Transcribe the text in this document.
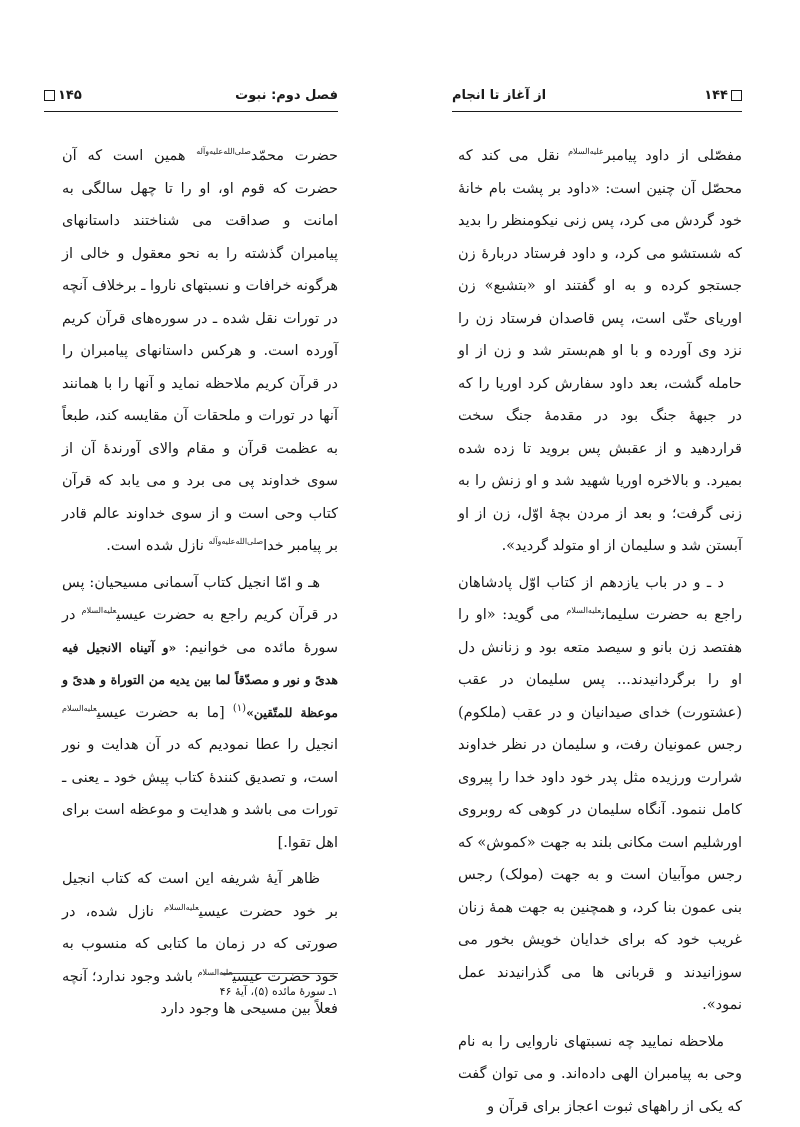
فصل دوم: نبوت
۱۴۵

حضرت محمّد$^{صلی‌الله‌علیه‌وآله}$ همین است که آن حضرت که قوم او، او را تا چهل سالگی به امانت و صداقت می شناختند داستانهای پیامبران گذشته را به نحو معقول و خالی از هرگونه خرافات و نسبتهای ناروا ـ برخلاف آنچه در تورات نقل شده ـ در سوره‌های قرآن کریم آورده است. و هرکس داستانهای پیامبران را در قرآن کریم ملاحظه نماید و آنها را با همانند آنها در تورات و ملحقات آن مقایسه کند، طبعاً به عظمت قرآن و مقام والای آورندهٔ آن از سوی خداوند پی می برد و می یابد که قرآن کتاب وحی است و از سوی خداوند عالم قادر بر پیامبر خدا$^{صلی‌الله‌علیه‌وآله}$ نازل شده است.

هـ و امّا انجیل کتاب آسمانی مسیحیان: پس در قرآن کریم راجع به حضرت عیسی$^{علیه‌السلام}$ در سورهٔ مائده می خوانیم: «و آتیناه الانجیل فیه هدیً و نور و مصدّقاً لما بین یدیه من التوراة و هدیً و موعظة للمتّقین»$^{(۱)}$ [ما به حضرت عیسی$^{علیه‌السلام}$ انجیل را عطا نمودیم که در آن هدایت و نور است، و تصدیق کنندهٔ کتاب پیش خود ـ یعنی ـ تورات می باشد و هدایت و موعظه است برای اهل تقوا.]

ظاهر آیهٔ شریفه این است که کتاب انجیل بر خود حضرت عیسی$^{علیه‌السلام}$ نازل شده، در صورتی که در زمان ما کتابی که منسوب به خود حضرت عیسی$^{علیه‌السلام}$ باشد وجود ندارد؛ آنچه فعلاً بین مسیحی ها وجود دارد

۱ـ سورهٔ مائده (۵)، آیهٔ ۴۶
۱۴۴
از آغاز تا انجام

مفصّلی از داود پیامبر$^{علیه‌السلام}$ نقل می کند که محصّل آن چنین است: «داود بر پشت بام خانهٔ خود گردش می کرد، پس زنی نیکومنظر را بدید که شستشو می کرد، و داود فرستاد دربارهٔ زن جستجو کرده و به او گفتند او «بتشبع» زن اوریای حتّی است، پس قاصدان فرستاد زن را نزد وی آورده و با او هم‌بستر شد و زن از او حامله گشت، بعد داود سفارش کرد اوریا را که در جبههٔ جنگ بود در مقدمهٔ جنگ سخت قراردهید و از عقبش پس بروید تا زده شده بمیرد. و بالاخره اوریا شهید شد و او زنش را به زنی گرفت؛ و بعد از مردن بچهٔ اوّل، زن از او آبستن شد و سلیمان از او متولد گردید».

د ـ و در باب یازدهم از کتاب اوّل پادشاهان راجع به حضرت سلیمان$^{علیه‌السلام}$ می گوید: «او را هفتصد زن بانو و سیصد متعه بود و زنانش دل او را برگردانیدند... پس سلیمان در عقب (عشتورت) خدای صیدانیان و در عقب (ملکوم) رجس عمونیان رفت، و سلیمان در نظر خداوند شرارت ورزیده مثل پدر خود داود خدا را پیروی کامل ننمود. آنگاه سلیمان در کوهی که روبروی اورشلیم است مکانی بلند به جهت «کموش» که رجس موآبیان است و به جهت (مولک) رجس بنی عمون بنا کرد، و همچنین به جهت همهٔ زنان غریب خود که برای خدایان خویش بخور می سوزانیدند و قربانی ها می گذرانیدند عمل نمود».

ملاحظه نمایید چه نسبتهای ناروایی را به نام وحی به پیامبران الهی داده‌اند. و می توان گفت که یکی از راههای ثبوت اعجاز برای قرآن و
